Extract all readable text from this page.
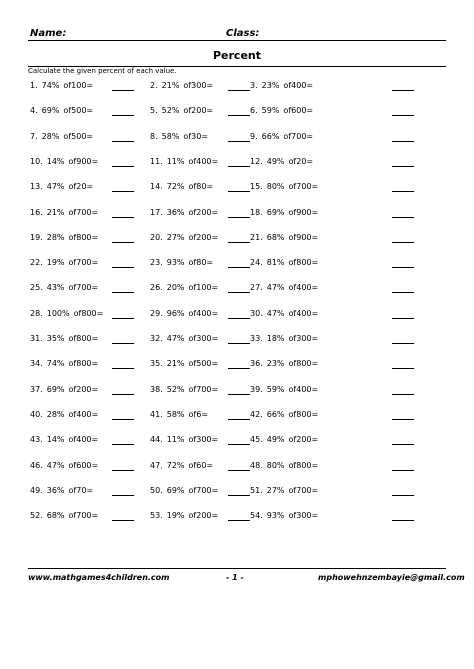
Name:	Class:
Percent
Calculate the given percent of each value.
1. 74% of100=	2. 21% of300=	3. 23% of400=
4. 69% of500=	5. 52% of200=	6. 59% of600=
7. 28% of500=	8. 58% of30=	9. 66% of700=
10. 14% of900=	11. 11% of400=	12. 49% of20=
13. 47% of20=	14. 72% of80=	15. 80% of700=
16. 21% of700=	17. 36% of200=	18. 69% of900=
19. 28% of800=	20. 27% of200=	21. 68% of900=
22. 19% of700=	23. 93% of80=	24. 81% of800=
25. 43% of700=	26. 20% of100=	27. 47% of400=
28. 100% of800=	29. 96% of400=	30. 47% of400=
31. 35% of800=	32. 47% of300=	33. 18% of300=
34. 74% of800=	35. 21% of500=	36. 23% of800=
37. 69% of200=	38. 52% of700=	39. 59% of400=
40. 28% of400=	41. 58% of6=	42. 66% of800=
43. 14% of400=	44. 11% of300=	45. 49% of200=
46. 47% of600=	47. 72% of60=	48. 80% of800=
49. 36% of70=	50. 69% of700=	51. 27% of700=
52. 68% of700=	53. 19% of200=	54. 93% of300=
www.mathgames4children.com	- 1 -	mphowehnzembayie@gmail.com
